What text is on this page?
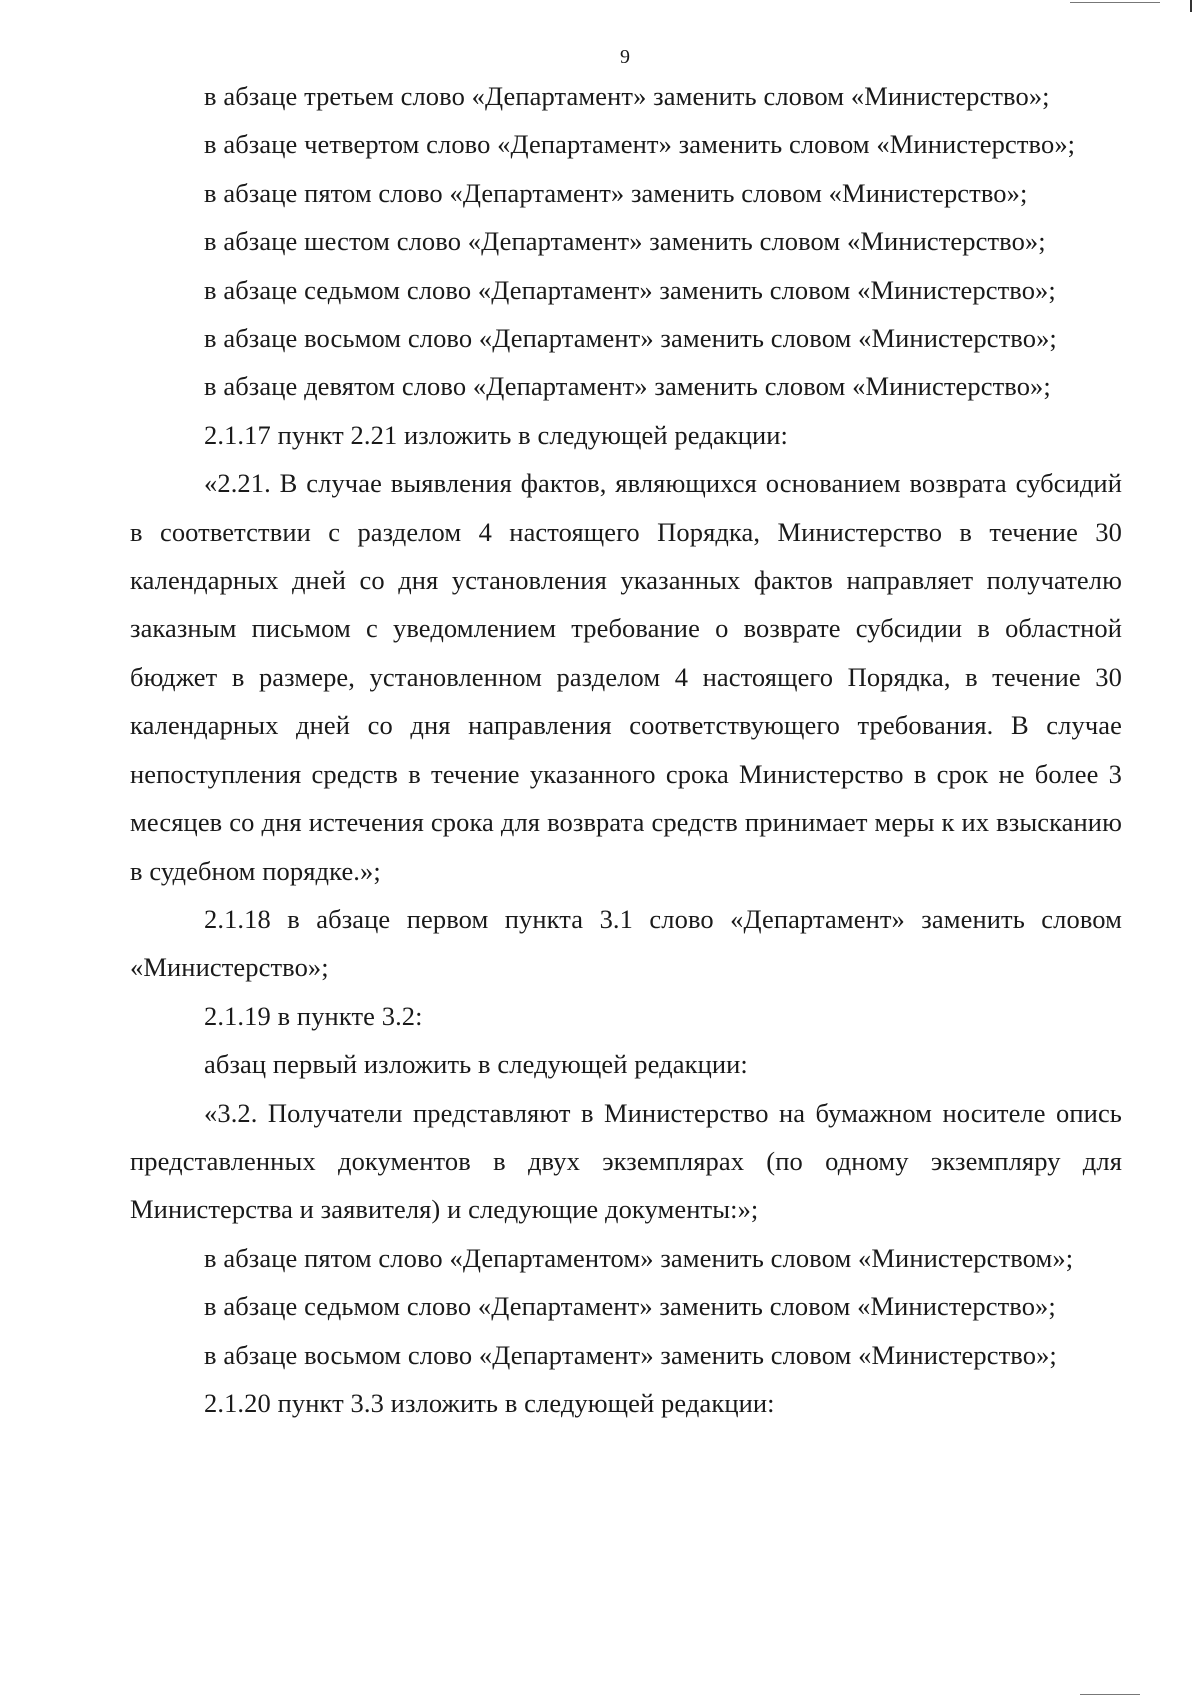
9

в абзаце третьем слово «Департамент» заменить словом «Министерство»;

в абзаце четвертом слово «Департамент» заменить словом «Министерство»;

в абзаце пятом слово «Департамент» заменить словом «Министерство»;

в абзаце шестом слово «Департамент» заменить словом «Министерство»;

в абзаце седьмом слово «Департамент» заменить словом «Министерство»;

в абзаце восьмом слово «Департамент» заменить словом «Министерство»;

в абзаце девятом слово «Департамент» заменить словом «Министерство»;

2.1.17 пункт 2.21 изложить в следующей редакции:

«2.21. В случае выявления фактов, являющихся основанием возврата субсидий в соответствии с разделом 4 настоящего Порядка, Министерство в течение 30 календарных дней со дня установления указанных фактов направляет получателю заказным письмом с уведомлением требование о возврате субсидии в областной бюджет в размере, установленном разделом 4 настоящего Порядка, в течение 30 календарных дней со дня направления соответствующего требования. В случае непоступления средств в течение указанного срока Министерство в срок не более 3 месяцев со дня истечения срока для возврата средств принимает меры к их взысканию в судебном порядке.»;

2.1.18 в абзаце первом пункта 3.1 слово «Департамент» заменить словом «Министерство»;

2.1.19 в пункте 3.2:

абзац первый изложить в следующей редакции:

«3.2. Получатели представляют в Министерство на бумажном носителе опись представленных документов в двух экземплярах (по одному экземпляру для Министерства и заявителя) и следующие документы:»;

в абзаце пятом слово «Департаментом» заменить словом «Министерством»;

в абзаце седьмом слово «Департамент» заменить словом «Министерство»;

в абзаце восьмом слово «Департамент» заменить словом «Министерство»;

2.1.20 пункт 3.3 изложить в следующей редакции:
